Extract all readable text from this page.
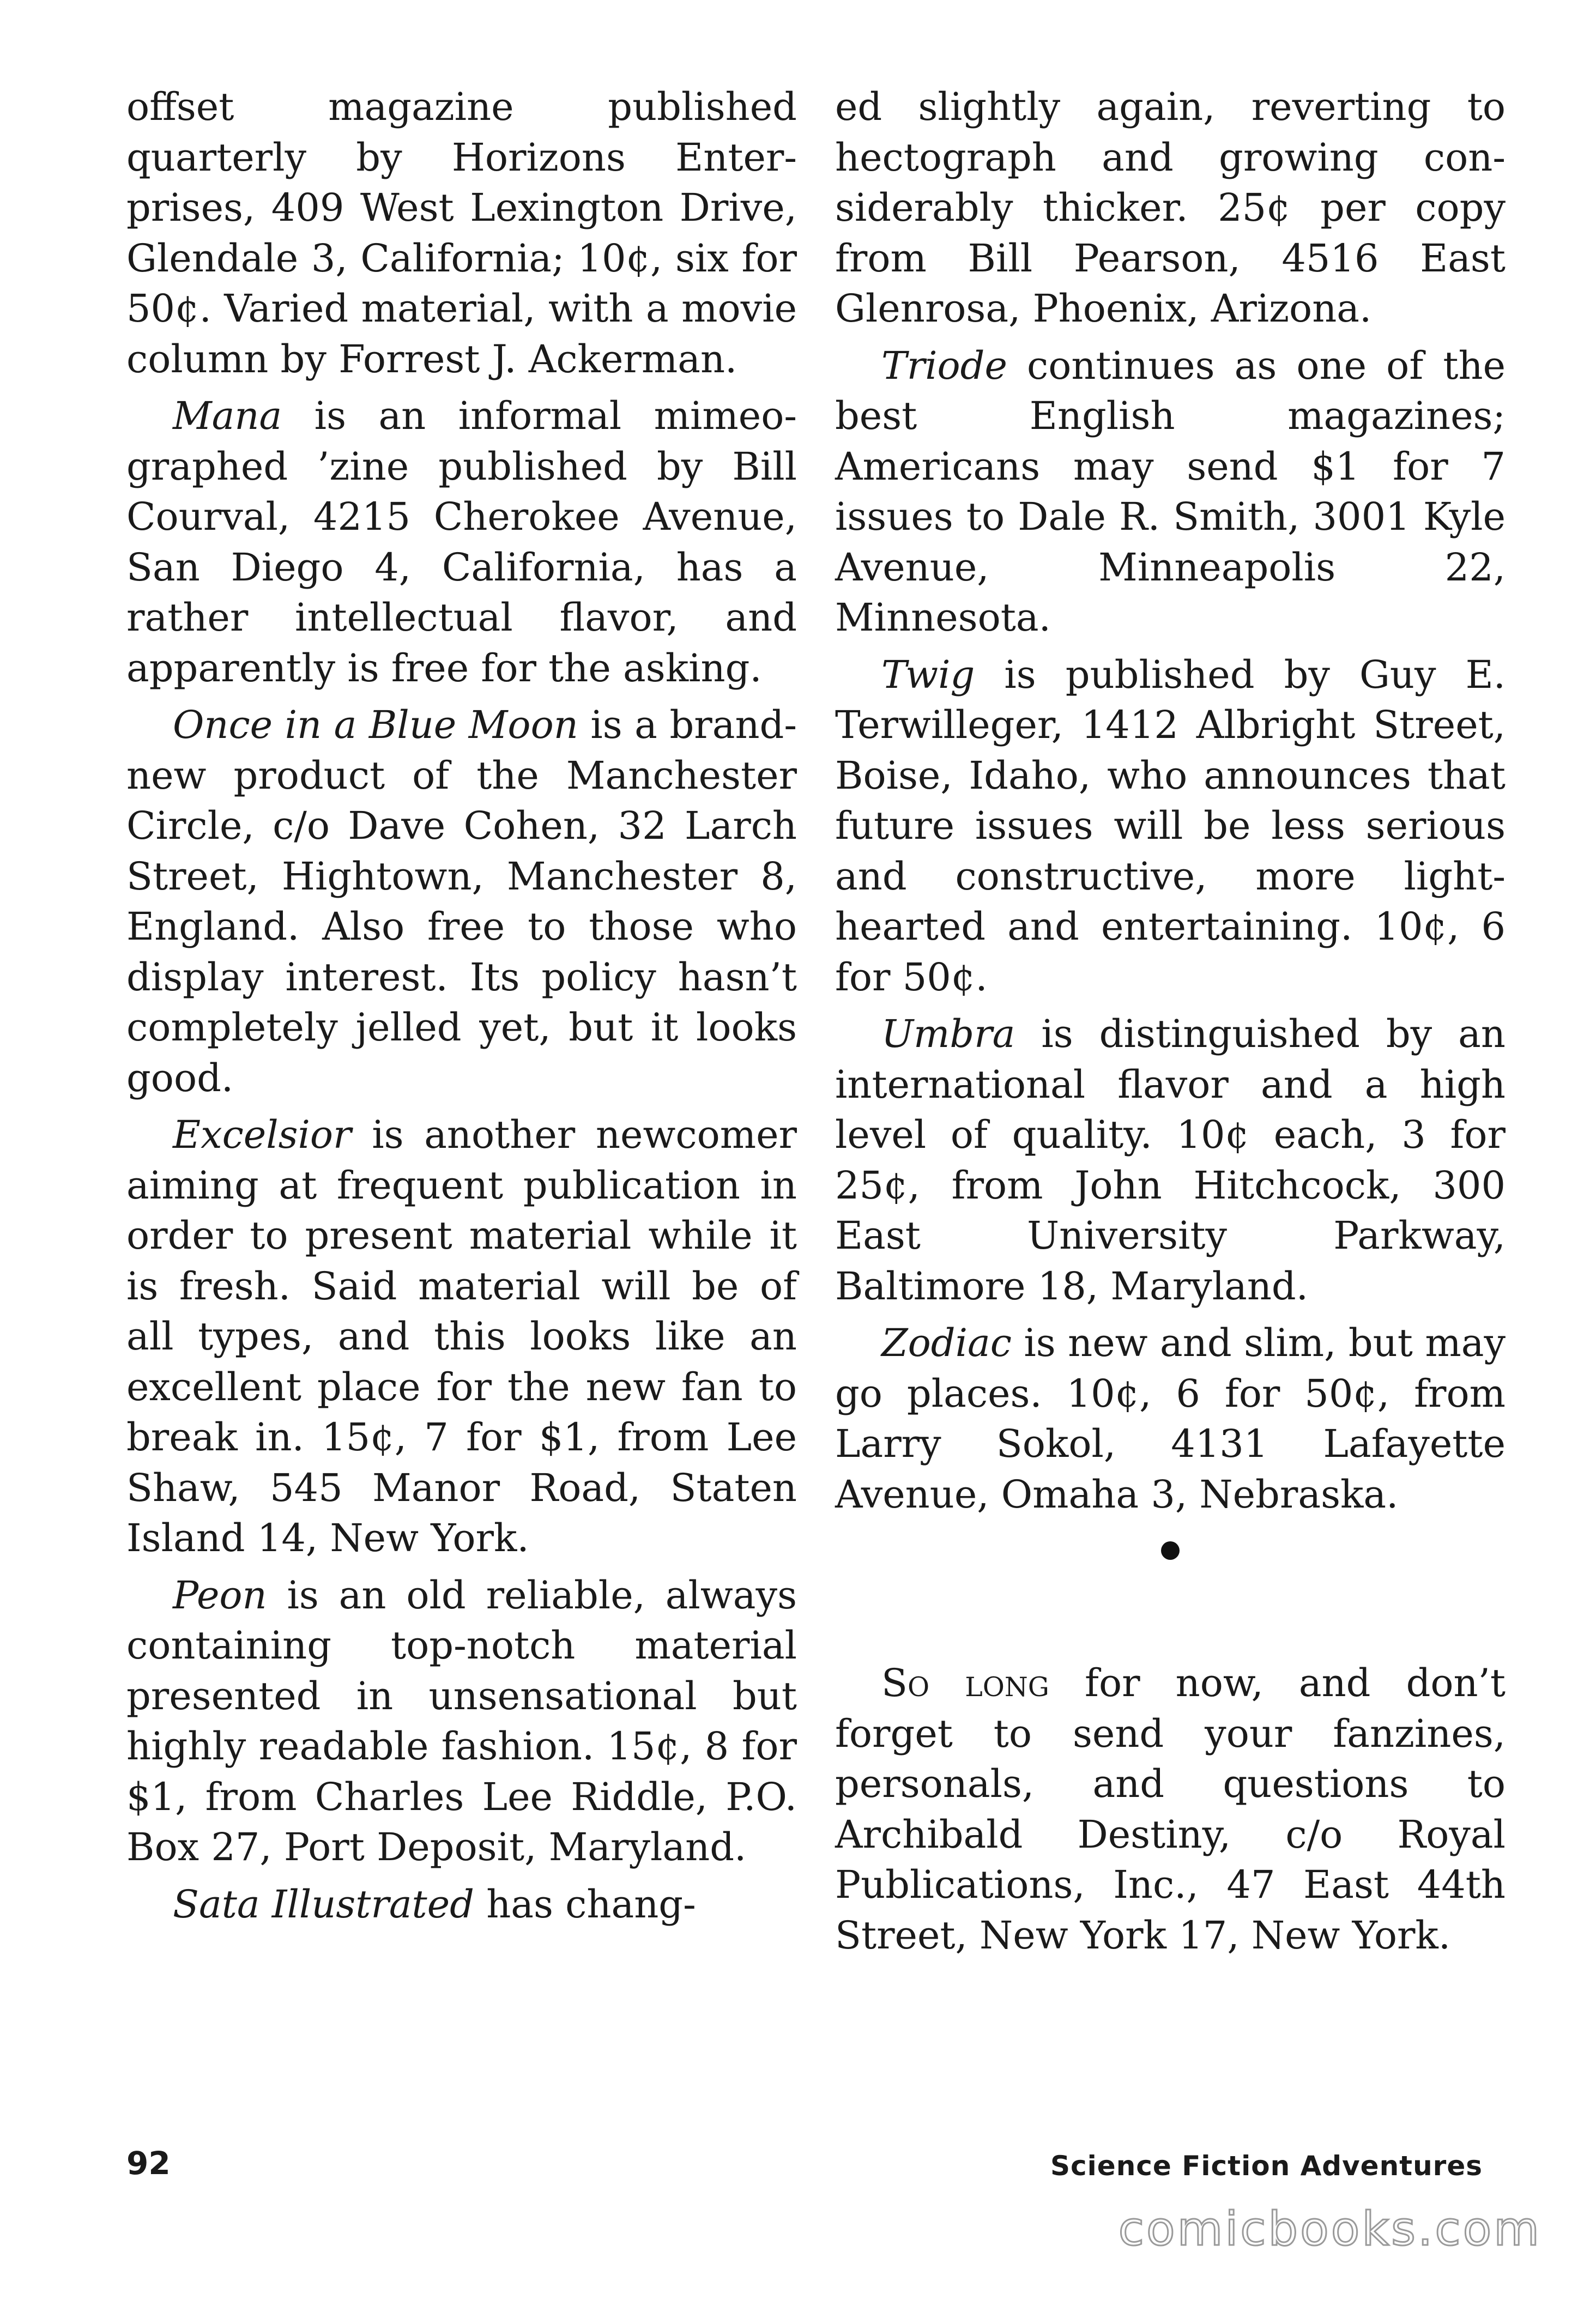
offset magazine published quarterly by Horizons Enterprises, 409 West Lexington Drive, Glendale 3, California; 10¢, six for 50¢. Varied material, with a movie column by Forrest J. Ackerman.

Mana is an informal mimeographed ’zine published by Bill Courval, 4215 Cherokee Avenue, San Diego 4, California, has a rather intellectual flavor, and apparently is free for the asking.

Once in a Blue Moon is a brand-new product of the Manchester Circle, c/o Dave Cohen, 32 Larch Street, Hightown, Manchester 8, England. Also free to those who display interest. Its policy hasn’t completely jelled yet, but it looks good.

Excelsior is another newcomer aiming at frequent publication in order to present material while it is fresh. Said material will be of all types, and this looks like an excellent place for the new fan to break in. 15¢, 7 for $1, from Lee Shaw, 545 Manor Road, Staten Island 14, New York.

Peon is an old reliable, always containing top-notch material presented in unsensational but highly readable fashion. 15¢, 8 for $1, from Charles Lee Riddle, P.O. Box 27, Port Deposit, Maryland.

Sata Illustrated has chang-

ed slightly again, reverting to hectograph and growing considerably thicker. 25¢ per copy from Bill Pearson, 4516 East Glenrosa, Phoenix, Arizona.

Triode continues as one of the best English magazines; Americans may send $1 for 7 issues to Dale R. Smith, 3001 Kyle Avenue, Minneapolis 22, Minnesota.

Twig is published by Guy E. Terwilleger, 1412 Albright Street, Boise, Idaho, who announces that future issues will be less serious and constructive, more light-hearted and entertaining. 10¢, 6 for 50¢.

Umbra is distinguished by an international flavor and a high level of quality. 10¢ each, 3 for 25¢, from John Hitchcock, 300 East University Parkway, Baltimore 18, Maryland.

Zodiac is new and slim, but may go places. 10¢, 6 for 50¢, from Larry Sokol, 4131 Lafayette Avenue, Omaha 3, Nebraska.

So long for now, and don’t forget to send your fanzines, personals, and questions to Archibald Destiny, c/o Royal Publications, Inc., 47 East 44th Street, New York 17, New York.

92	Science Fiction Adventures
comicbooks.com
